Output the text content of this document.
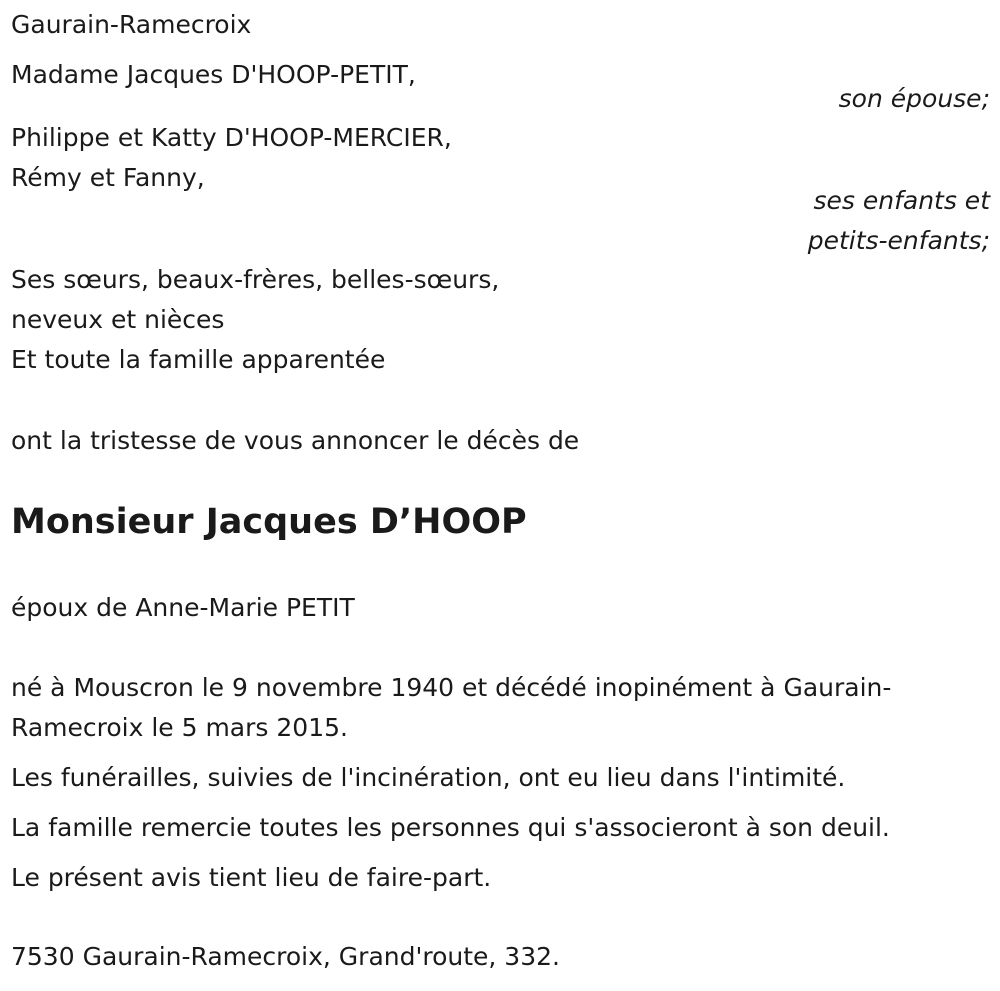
Gaurain-Ramecroix
Madame Jacques D'HOOP-PETIT,
son épouse;
Philippe et Katty D'HOOP-MERCIER,
Rémy et Fanny,
ses enfants et
petits-enfants;
Ses sœurs, beaux-frères, belles-sœurs,
neveux et nièces
Et toute la famille apparentée
ont la tristesse de vous annoncer le décès de
Monsieur Jacques D’HOOP
époux de Anne-Marie PETIT
né à Mouscron le 9 novembre 1940 et décédé inopinément à Gaurain-
Ramecroix le 5 mars 2015.
Les funérailles, suivies de l'incinération, ont eu lieu dans l'intimité.
La famille remercie toutes les personnes qui s'associeront à son deuil.
Le présent avis tient lieu de faire-part.
7530 Gaurain-Ramecroix, Grand'route, 332.
